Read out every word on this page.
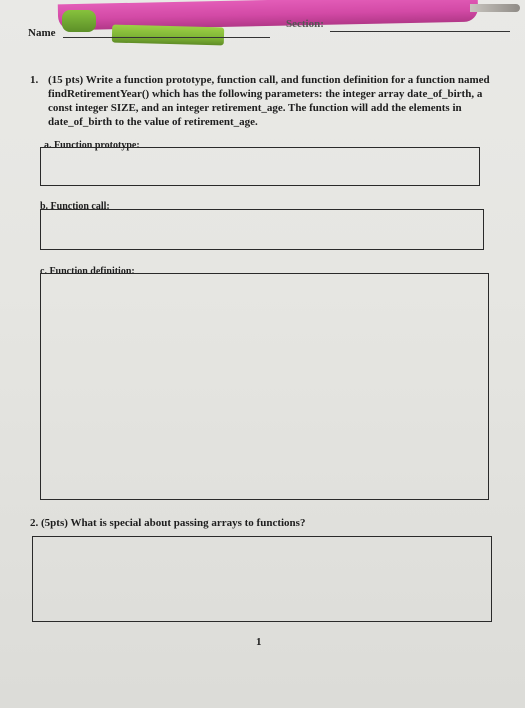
Name
Section:
1. (15 pts) Write a function prototype, function call, and function definition for a function named findRetirementYear() which has the following parameters: the integer array date_of_birth, a const integer SIZE, and an integer retirement_age. The function will add the elements in date_of_birth to the value of retirement_age.
a. Function prototype:
b. Function call:
c. Function definition:
2. (5pts) What is special about passing arrays to functions?
1
